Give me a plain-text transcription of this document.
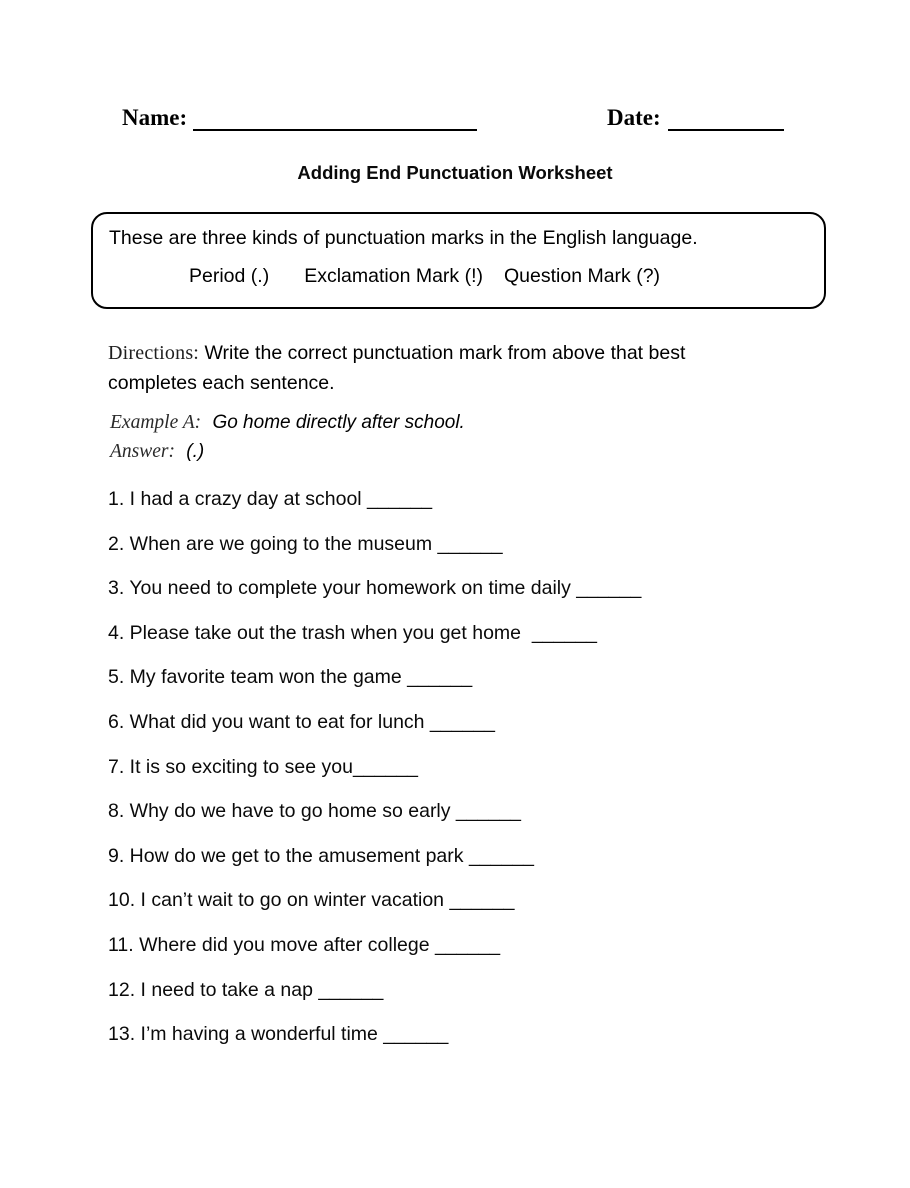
Name:	Date:
Adding End Punctuation Worksheet
These are three kinds of punctuation marks in the English language.
Period (.) Exclamation Mark (!) Question Mark (?)
Directions: Write the correct punctuation mark from above that best completes each sentence.
Example A: Go home directly after school.
Answer: (.)
1. I had a crazy day at school ______
2. When are we going to the museum ______
3. You need to complete your homework on time daily ______
4. Please take out the trash when you get home  ______
5. My favorite team won the game ______
6. What did you want to eat for lunch ______
7. It is so exciting to see you______
8. Why do we have to go home so early ______
9. How do we get to the amusement park ______
10. I can’t wait to go on winter vacation ______
11. Where did you move after college ______
12. I need to take a nap ______
13. I’m having a wonderful time ______
